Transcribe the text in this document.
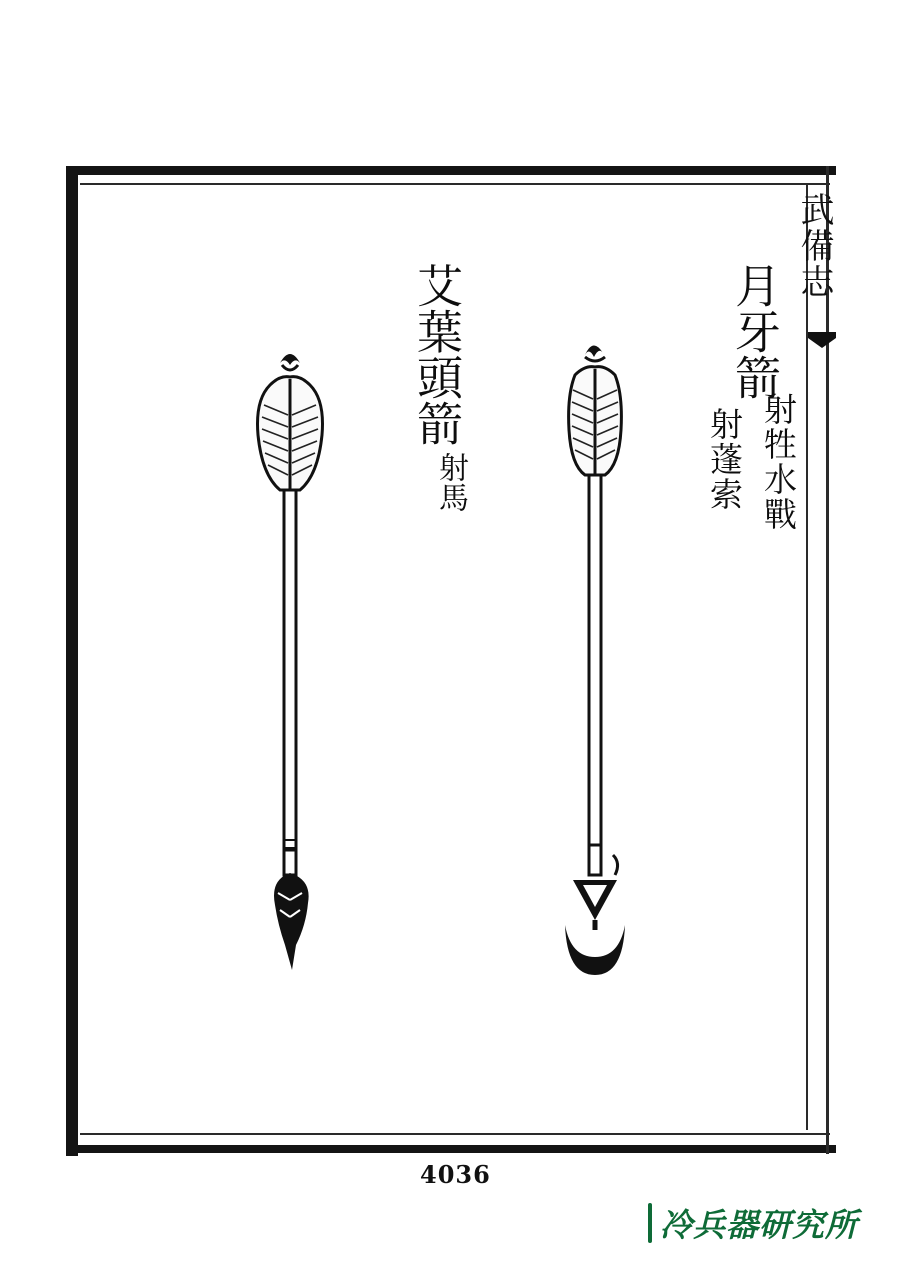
武備志
艾葉頭箭
射馬
月牙箭
射牲水戰
射蓬索
4036
冷兵器研究所
